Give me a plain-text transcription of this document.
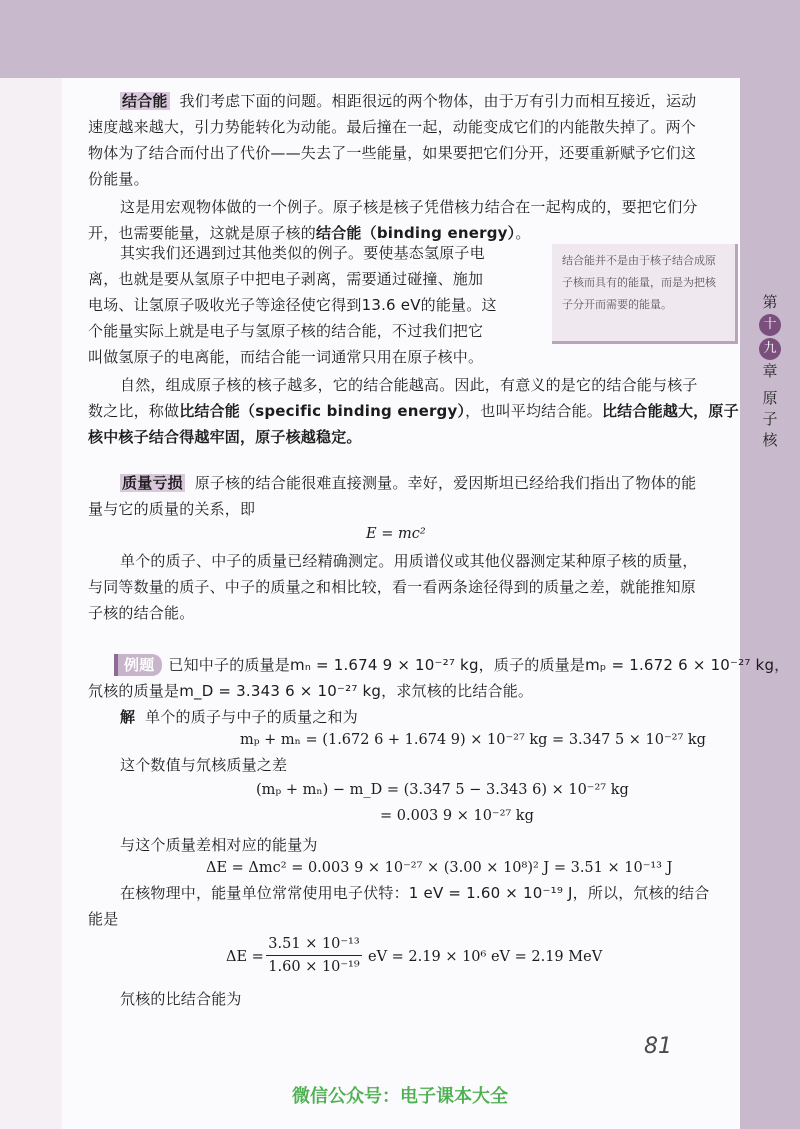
第
十
九
章
原
子
核
结合能 我们考虑下面的问题。相距很远的两个物体，由于万有引力而相互接近，运动
速度越来越大，引力势能转化为动能。最后撞在一起，动能变成它们的内能散失掉了。两个
物体为了结合而付出了代价——失去了一些能量，如果要把它们分开，还要重新赋予它们这
份能量。
这是用宏观物体做的一个例子。原子核是核子凭借核力结合在一起构成的，要把它们分
开，也需要能量，这就是原子核的结合能（binding energy）。
其实我们还遇到过其他类似的例子。要使基态氢原子电
离，也就是要从氢原子中把电子剥离，需要通过碰撞、施加
电场、让氢原子吸收光子等途径使它得到13.6 eV的能量。这
个能量实际上就是电子与氢原子核的结合能，不过我们把它
叫做氢原子的电离能，而结合能一词通常只用在原子核中。
结合能并不是由于核子结合成原子核而具有的能量，而是为把核子分开而需要的能量。
自然，组成原子核的核子越多，它的结合能越高。因此，有意义的是它的结合能与核子
数之比，称做比结合能（specific binding energy），也叫平均结合能。比结合能越大，原子
核中核子结合得越牢固，原子核越稳定。
质量亏损 原子核的结合能很难直接测量。幸好，爱因斯坦已经给我们指出了物体的能
量与它的质量的关系，即
E = mc²
单个的质子、中子的质量已经精确测定。用质谱仪或其他仪器测定某种原子核的质量，
与同等数量的质子、中子的质量之和相比较，看一看两条途径得到的质量之差，就能推知原
子核的结合能。
例题 已知中子的质量是mₙ = 1.674 9 × 10⁻²⁷ kg，质子的质量是mₚ = 1.672 6 × 10⁻²⁷ kg，
氘核的质量是m_D = 3.343 6 × 10⁻²⁷ kg，求氘核的比结合能。
解 单个的质子与中子的质量之和为
mₚ + mₙ = (1.672 6 + 1.674 9) × 10⁻²⁷ kg = 3.347 5 × 10⁻²⁷ kg
这个数值与氘核质量之差
(mₚ + mₙ) − m_D = (3.347 5 − 3.343 6) × 10⁻²⁷ kg
= 0.003 9 × 10⁻²⁷ kg
与这个质量差相对应的能量为
ΔE = Δmc² = 0.003 9 × 10⁻²⁷ × (3.00 × 10⁸)² J = 3.51 × 10⁻¹³ J
在核物理中，能量单位常常使用电子伏特：1 eV = 1.60 × 10⁻¹⁹ J，所以，氘核的结合
能是
ΔE =
3.51 × 10⁻¹³
1.60 × 10⁻¹⁹
eV = 2.19 × 10⁶ eV = 2.19 MeV
氘核的比结合能为
81
微信公众号：电子课本大全
